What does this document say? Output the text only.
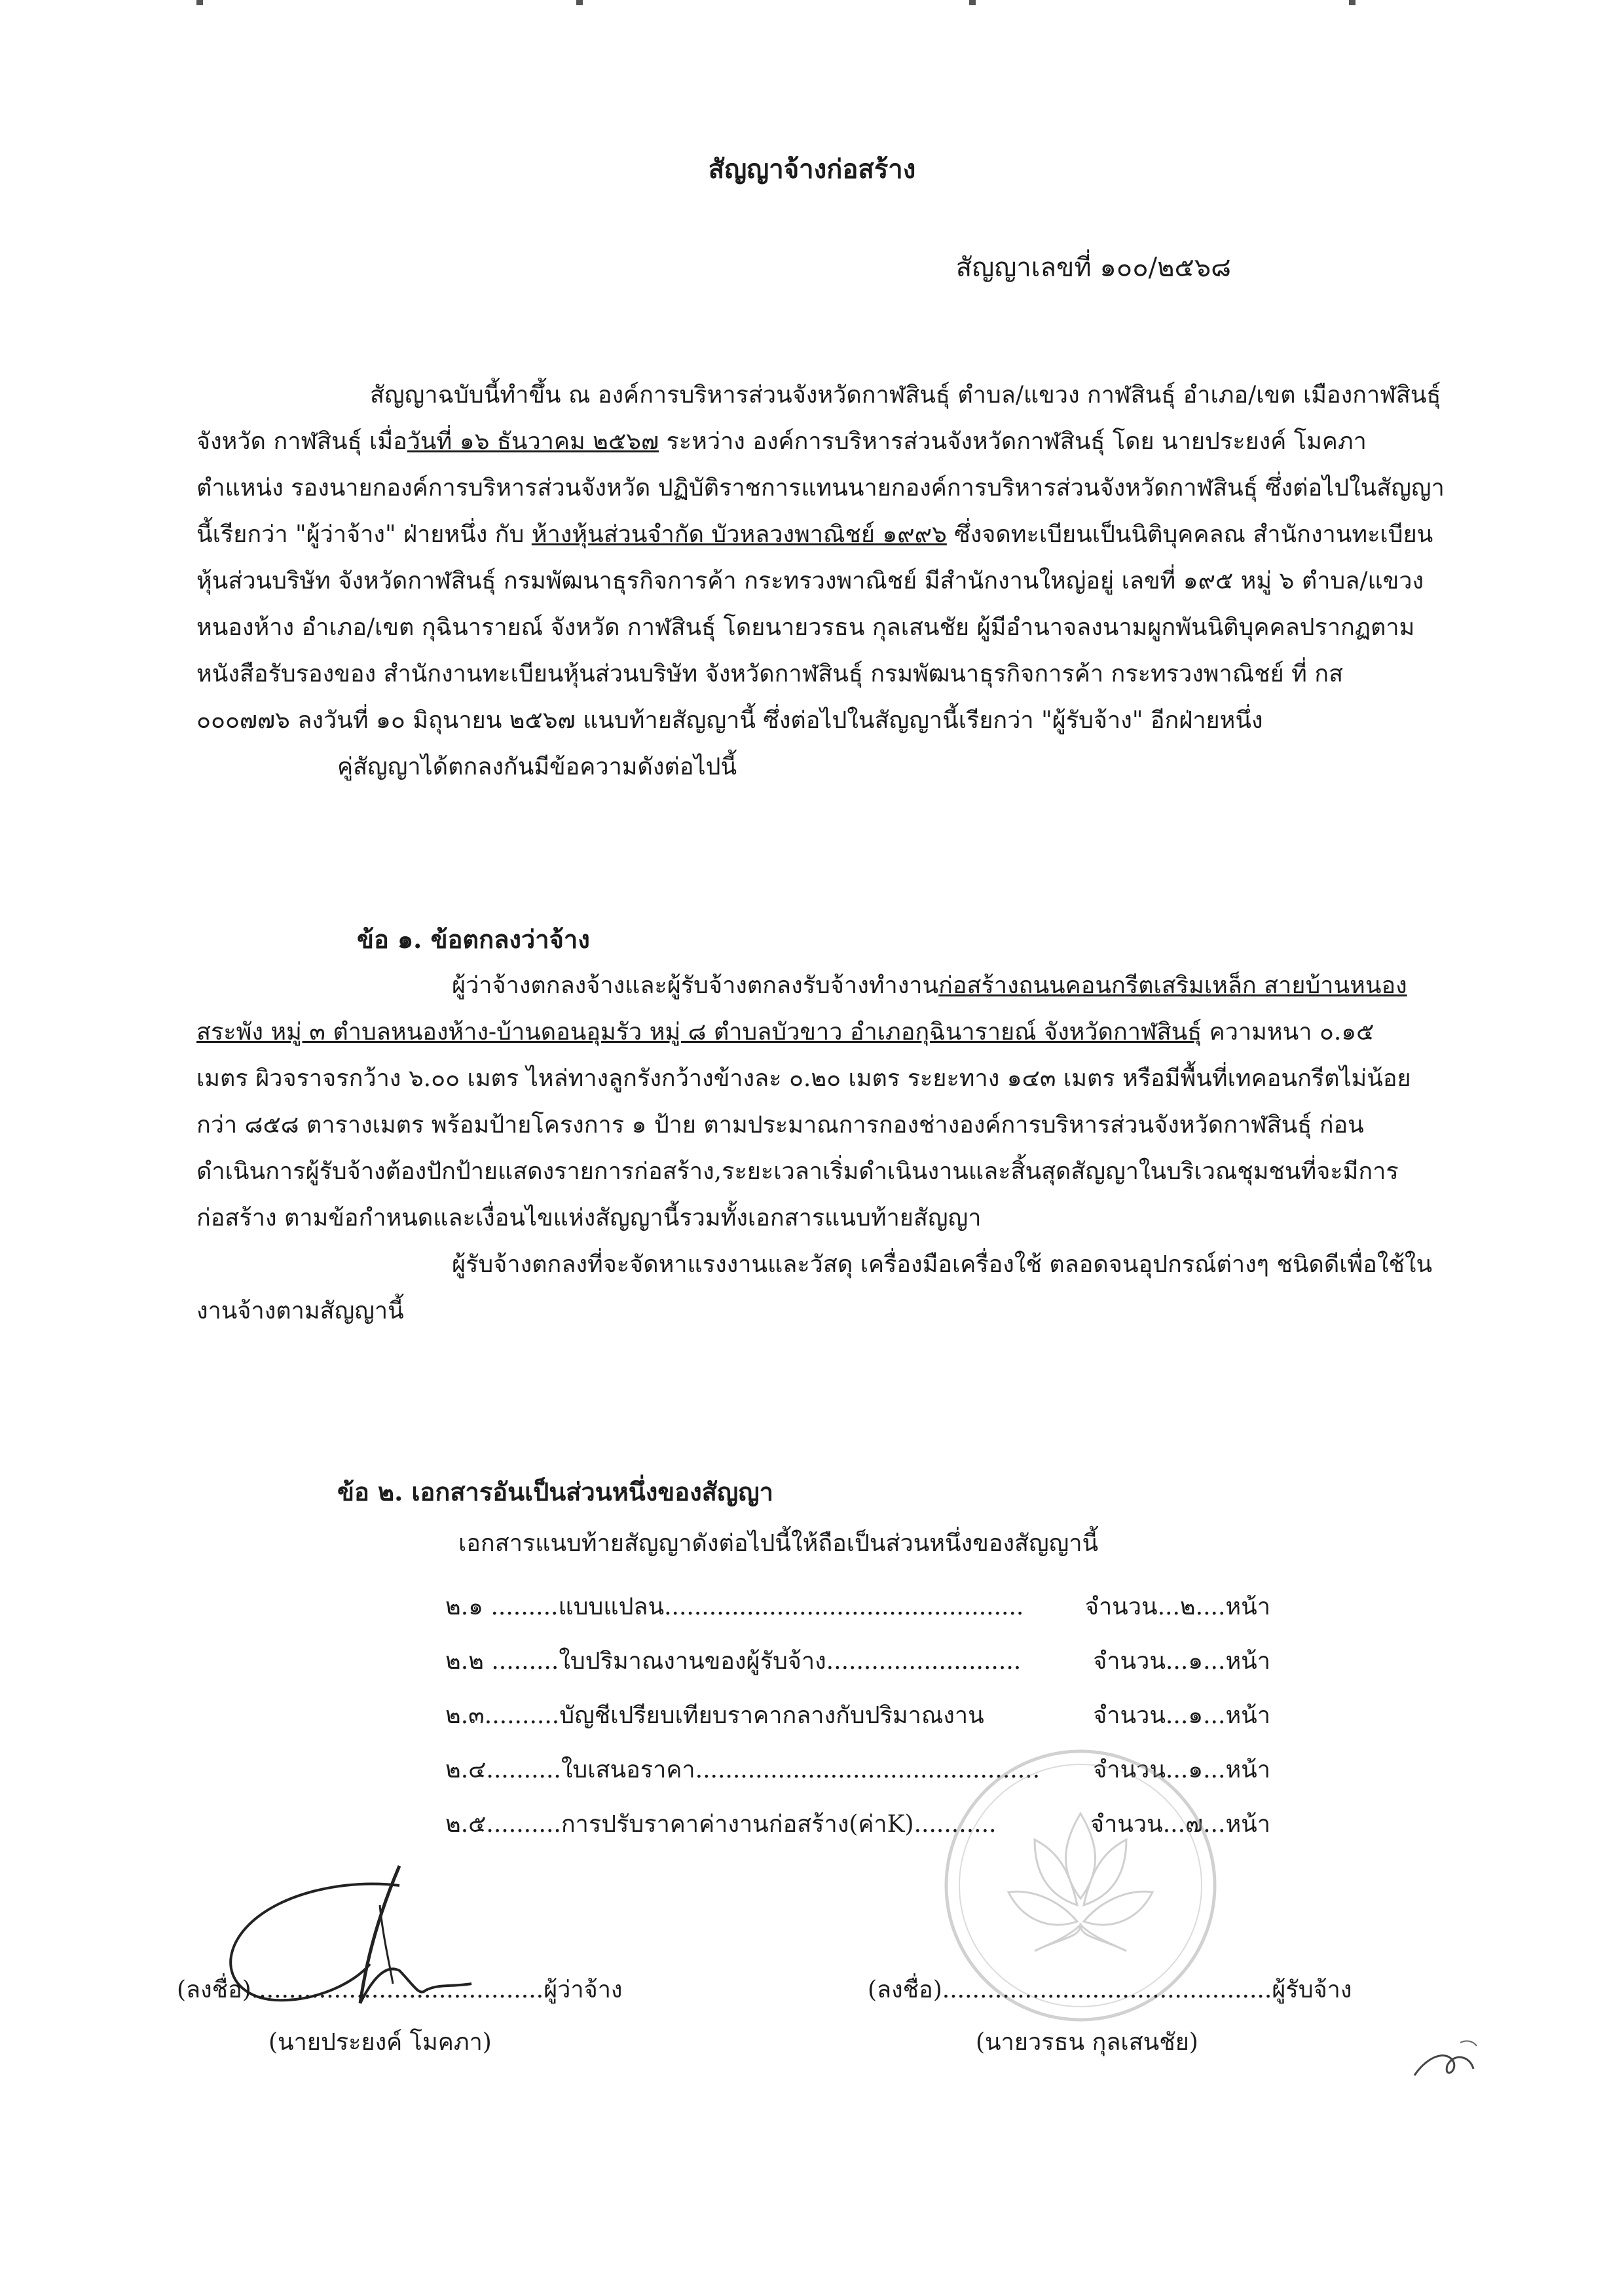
สัญญาจ้างก่อสร้าง
สัญญาเลขที่ ๑๐๐/๒๕๖๘
สัญญาฉบับนี้ทำขึ้น ณ องค์การบริหารส่วนจังหวัดกาฬสินธุ์ ตำบล/แขวง กาฬสินธุ์ อำเภอ/เขต เมืองกาฬสินธุ์
จังหวัด กาฬสินธุ์ เมื่อวันที่ ๑๖ ธันวาคม ๒๕๖๗ ระหว่าง องค์การบริหารส่วนจังหวัดกาฬสินธุ์ โดย นายประยงค์ โมคภา
ตำแหน่ง รองนายกองค์การบริหารส่วนจังหวัด ปฏิบัติราชการแทนนายกองค์การบริหารส่วนจังหวัดกาฬสินธุ์ ซึ่งต่อไปในสัญญา
นี้เรียกว่า "ผู้ว่าจ้าง" ฝ่ายหนึ่ง กับ ห้างหุ้นส่วนจำกัด บัวหลวงพาณิชย์ ๑๙๙๖ ซึ่งจดทะเบียนเป็นนิติบุคคลณ สำนักงานทะเบียน
หุ้นส่วนบริษัท จังหวัดกาฬสินธุ์ กรมพัฒนาธุรกิจการค้า กระทรวงพาณิชย์ มีสำนักงานใหญ่อยู่ เลขที่ ๑๙๕ หมู่ ๖ ตำบล/แขวง
หนองห้าง อำเภอ/เขต กุฉินารายณ์ จังหวัด กาฬสินธุ์ โดยนายวรธน กุลเสนชัย ผู้มีอำนาจลงนามผูกพันนิติบุคคลปรากฏตาม
หนังสือรับรองของ สำนักงานทะเบียนหุ้นส่วนบริษัท จังหวัดกาฬสินธุ์ กรมพัฒนาธุรกิจการค้า กระทรวงพาณิชย์ ที่ กส
๐๐๐๗๗๖ ลงวันที่ ๑๐ มิถุนายน ๒๕๖๗ แนบท้ายสัญญานี้ ซึ่งต่อไปในสัญญานี้เรียกว่า "ผู้รับจ้าง" อีกฝ่ายหนึ่ง
คู่สัญญาได้ตกลงกันมีข้อความดังต่อไปนี้
ข้อ ๑. ข้อตกลงว่าจ้าง
ผู้ว่าจ้างตกลงจ้างและผู้รับจ้างตกลงรับจ้างทำงานก่อสร้างถนนคอนกรีตเสริมเหล็ก สายบ้านหนอง
สระพัง หมู่ ๓ ตำบลหนองห้าง-บ้านดอนอุมรัว หมู่ ๘ ตำบลบัวขาว อำเภอกุฉินารายณ์ จังหวัดกาฬสินธุ์ ความหนา ๐.๑๕
เมตร ผิวจราจรกว้าง ๖.๐๐ เมตร ไหล่ทางลูกรังกว้างข้างละ ๐.๒๐ เมตร ระยะทาง ๑๔๓ เมตร หรือมีพื้นที่เทคอนกรีตไม่น้อย
กว่า ๘๕๘ ตารางเมตร พร้อมป้ายโครงการ ๑ ป้าย ตามประมาณการกองช่างองค์การบริหารส่วนจังหวัดกาฬสินธุ์ ก่อน
ดำเนินการผู้รับจ้างต้องปักป้ายแสดงรายการก่อสร้าง,ระยะเวลาเริ่มดำเนินงานและสิ้นสุดสัญญาในบริเวณชุมชนที่จะมีการ
ก่อสร้าง ตามข้อกำหนดและเงื่อนไขแห่งสัญญานี้รวมทั้งเอกสารแนบท้ายสัญญา
ผู้รับจ้างตกลงที่จะจัดหาแรงงานและวัสดุ เครื่องมือเครื่องใช้ ตลอดจนอุปกรณ์ต่างๆ ชนิดดีเพื่อใช้ใน
งานจ้างตามสัญญานี้
ข้อ ๒. เอกสารอันเป็นส่วนหนึ่งของสัญญา
เอกสารแนบท้ายสัญญาดังต่อไปนี้ให้ถือเป็นส่วนหนึ่งของสัญญานี้
๒.๑ .........แบบแปลน................................................	จำนวน...๒....หน้า
๒.๒ .........ใบปริมาณงานของผู้รับจ้าง..........................	จำนวน...๑...หน้า
๒.๓..........บัญชีเปรียบเทียบราคากลางกับปริมาณงาน	จำนวน...๑...หน้า
๒.๔..........ใบเสนอราคา.............................................. จำนวน...๑...หน้า
๒.๕..........การปรับราคาค่างานก่อสร้าง(ค่าK)...........	จำนวน...๗...หน้า
(ลงชื่อ).......................................ผู้ว่าจ้าง
(นายประยงค์ โมคภา)
(ลงชื่อ)............................................ผู้รับจ้าง
(นายวรธน กุลเสนชัย)
